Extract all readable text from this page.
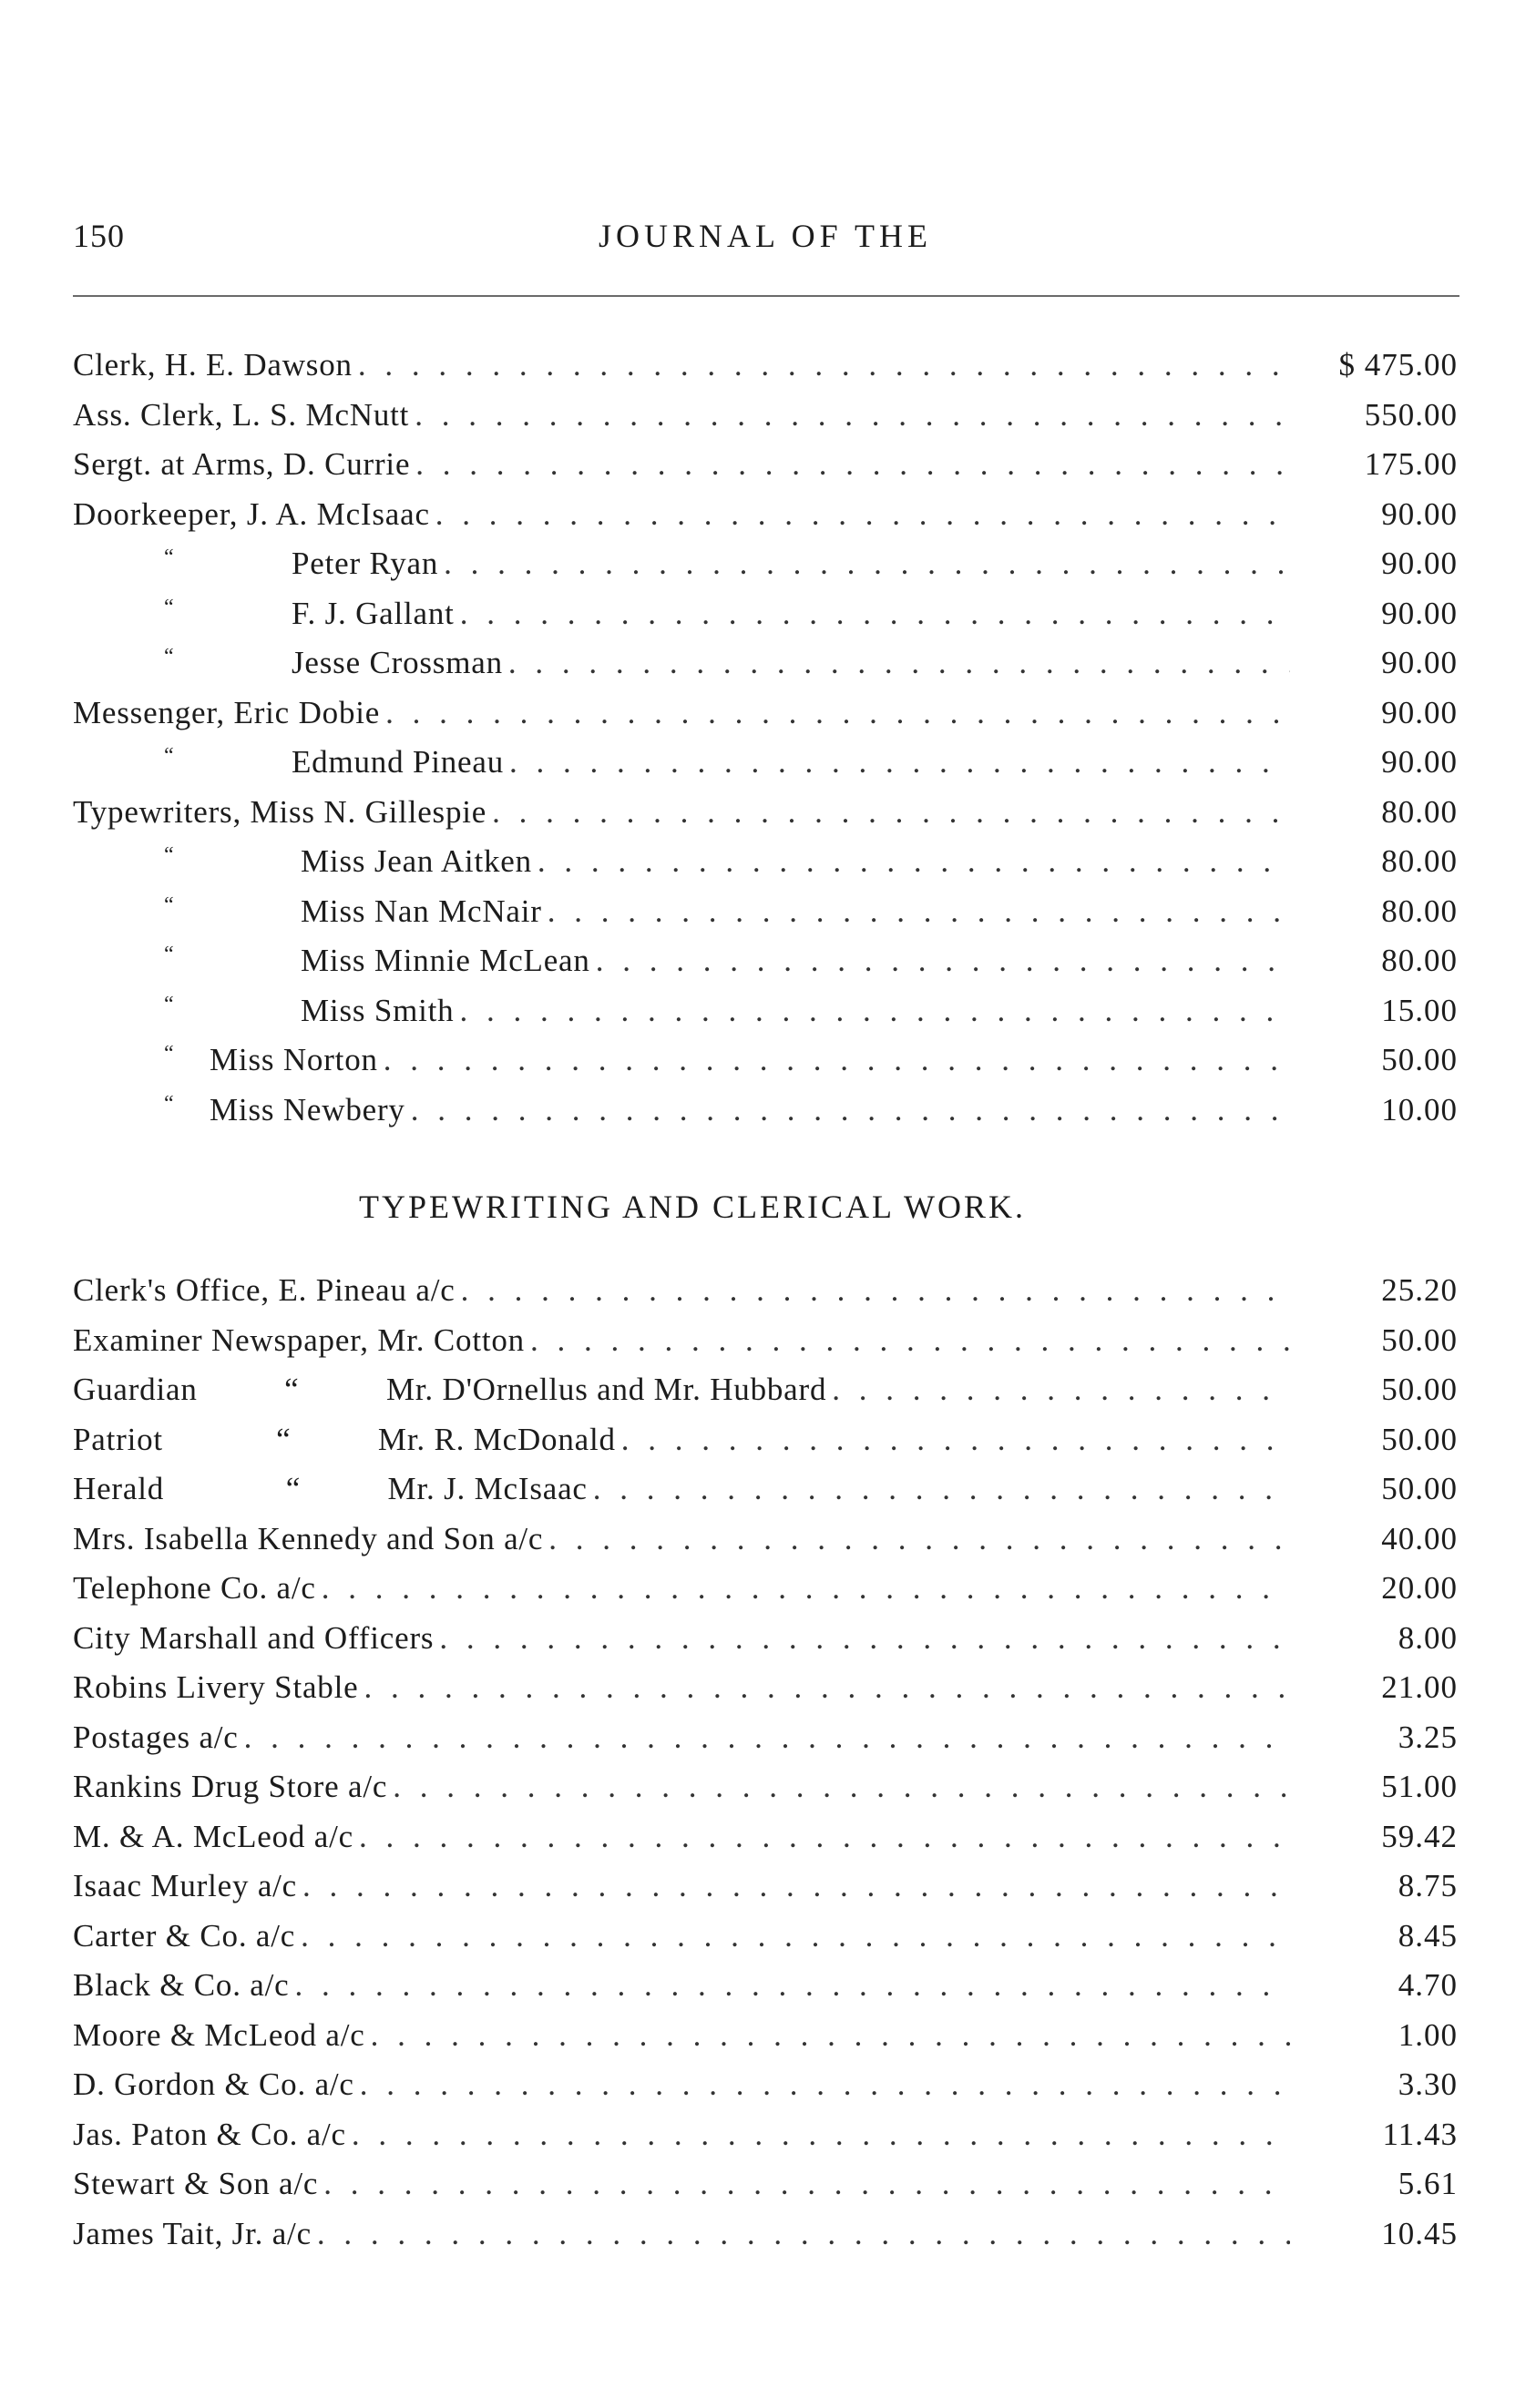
150	JOURNAL OF THE
Clerk, H. E. Dawson . . .	$ 475.00
Ass. Clerk, L. S. McNutt . . .	550.00
Sergt. at Arms, D. Currie . . .	175.00
Doorkeeper, J. A. McIsaac . . .	90.00
“	Peter Ryan . . .	90.00
“	F. J. Gallant . . .	90.00
“	Jesse Crossman . . .	90.00
Messenger, Eric Dobie . . .	90.00
“	Edmund Pineau . . .	90.00
Typewriters, Miss N. Gillespie . . .	80.00
“	Miss Jean Aitken . . .	80.00
“	Miss Nan McNair . . .	80.00
“	Miss Minnie McLean . . .	80.00
“	Miss Smith . . .	15.00
“ Miss Norton . . .	50.00
“ Miss Newbery . . .	10.00
TYPEWRITING AND CLERICAL WORK.
Clerk's Office, E. Pineau a/c . . .	25.20
Examiner Newspaper, Mr. Cotton . . .	50.00
Guardian          “          Mr. D'Ornellus and Mr. Hubbard . . .	50.00
Patriot             “          Mr. R. McDonald . . .	50.00
Herald              “          Mr. J. McIsaac . . .	50.00
Mrs. Isabella Kennedy and Son a/c . . .	40.00
Telephone Co. a/c . . .	20.00
City Marshall and Officers . . .	8.00
Robins Livery Stable . . .	21.00
Postages a/c . . .	3.25
Rankins Drug Store a/c . . .	51.00
M. & A. McLeod a/c . . .	59.42
Isaac Murley a/c . . .	8.75
Carter & Co. a/c . . .	8.45
Black & Co. a/c . . .	4.70
Moore & McLeod a/c . . .	1.00
D. Gordon & Co. a/c . . .	3.30
Jas. Paton & Co. a/c . . .	11.43
Stewart & Son a/c . . .	5.61
James Tait, Jr. a/c . . .	10.45
